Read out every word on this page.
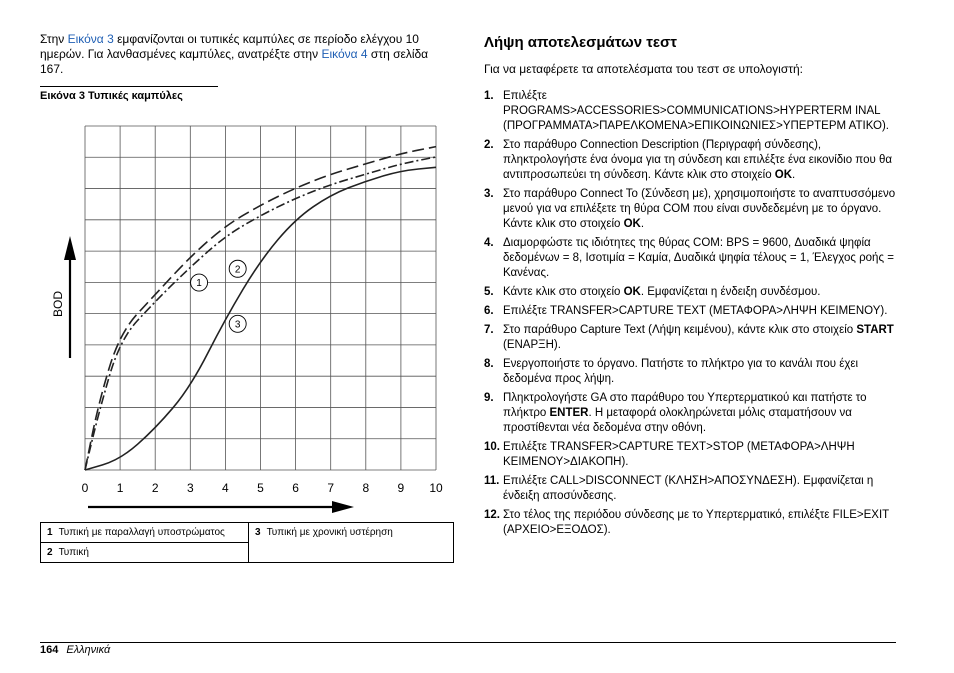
Στην Εικόνα 3 εμφανίζονται οι τυπικές καμπύλες σε περίοδο ελέγχου 10 ημερών. Για λανθασμένες καμπύλες, ανατρέξτε στην Εικόνα 4 στη σελίδα 167.
Εικόνα 3 Τυπικές καμπύλες
0 1 2 3 4 5 6 7 8 9 10
1
2
3
BOD
1 Τυπική με παραλλαγή υποστρώματος	3 Τυπική με χρονική υστέρηση
2 Τυπική
Λήψη αποτελεσμάτων τεστ
Για να μεταφέρετε τα αποτελέσματα του τεστ σε υπολογιστή:
1. Επιλέξτε PROGRAMS>ACCESSORIES>COMMUNICATIONS>HYPERTERM INAL (ΠΡΟΓΡΑΜΜΑΤΑ>ΠΑΡΕΛΚΟΜΕΝΑ>ΕΠΙΚΟΙΝΩΝΙΕΣ>ΥΠΕΡΤΕΡΜ ΑΤΙΚΟ).
2. Στο παράθυρο Connection Description (Περιγραφή σύνδεσης), πληκτρολογήστε ένα όνομα για τη σύνδεση και επιλέξτε ένα εικονίδιο που θα αντιπροσωπεύει τη σύνδεση. Κάντε κλικ στο στοιχείο OK.
3. Στο παράθυρο Connect To (Σύνδεση με), χρησιμοποιήστε το αναπτυσσόμενο μενού για να επιλέξετε τη θύρα COM που είναι συνδεδεμένη με το όργανο. Κάντε κλικ στο στοιχείο OK.
4. Διαμορφώστε τις ιδιότητες της θύρας COM: BPS = 9600, Δυαδικά ψηφία δεδομένων = 8, Ισοτιμία = Καμία, Δυαδικά ψηφία τέλους = 1, Έλεγχος ροής = Κανένας.
5. Κάντε κλικ στο στοιχείο OK. Εμφανίζεται η ένδειξη συνδέσμου.
6. Επιλέξτε TRANSFER>CAPTURE TEXT (ΜΕΤΑΦΟΡΑ>ΛΗΨΗ ΚΕΙΜΕΝΟΥ).
7. Στο παράθυρο Capture Text (Λήψη κειμένου), κάντε κλικ στο στοιχείο START (ΕΝΑΡΞΗ).
8. Ενεργοποιήστε το όργανο. Πατήστε το πλήκτρο για το κανάλι που έχει δεδομένα προς λήψη.
9. Πληκτρολογήστε GA στο παράθυρο του Υπερτερματικού και πατήστε το πλήκτρο ENTER. Η μεταφορά ολοκληρώνεται μόλις σταματήσουν να προστίθενται νέα δεδομένα στην οθόνη.
10. Επιλέξτε TRANSFER>CAPTURE TEXT>STOP (ΜΕΤΑΦΟΡΑ>ΛΗΨΗ ΚΕΙΜΕΝΟΥ>ΔΙΑΚΟΠΗ).
11. Επιλέξτε CALL>DISCONNECT (ΚΛΗΣΗ>ΑΠΟΣΥΝΔΕΣΗ). Εμφανίζεται η ένδειξη αποσύνδεσης.
12. Στο τέλος της περιόδου σύνδεσης με το Υπερτερματικό, επιλέξτε FILE>EXIT (ΑΡΧΕΙΟ>ΕΞΟΔΟΣ).
164 Ελληνικά
